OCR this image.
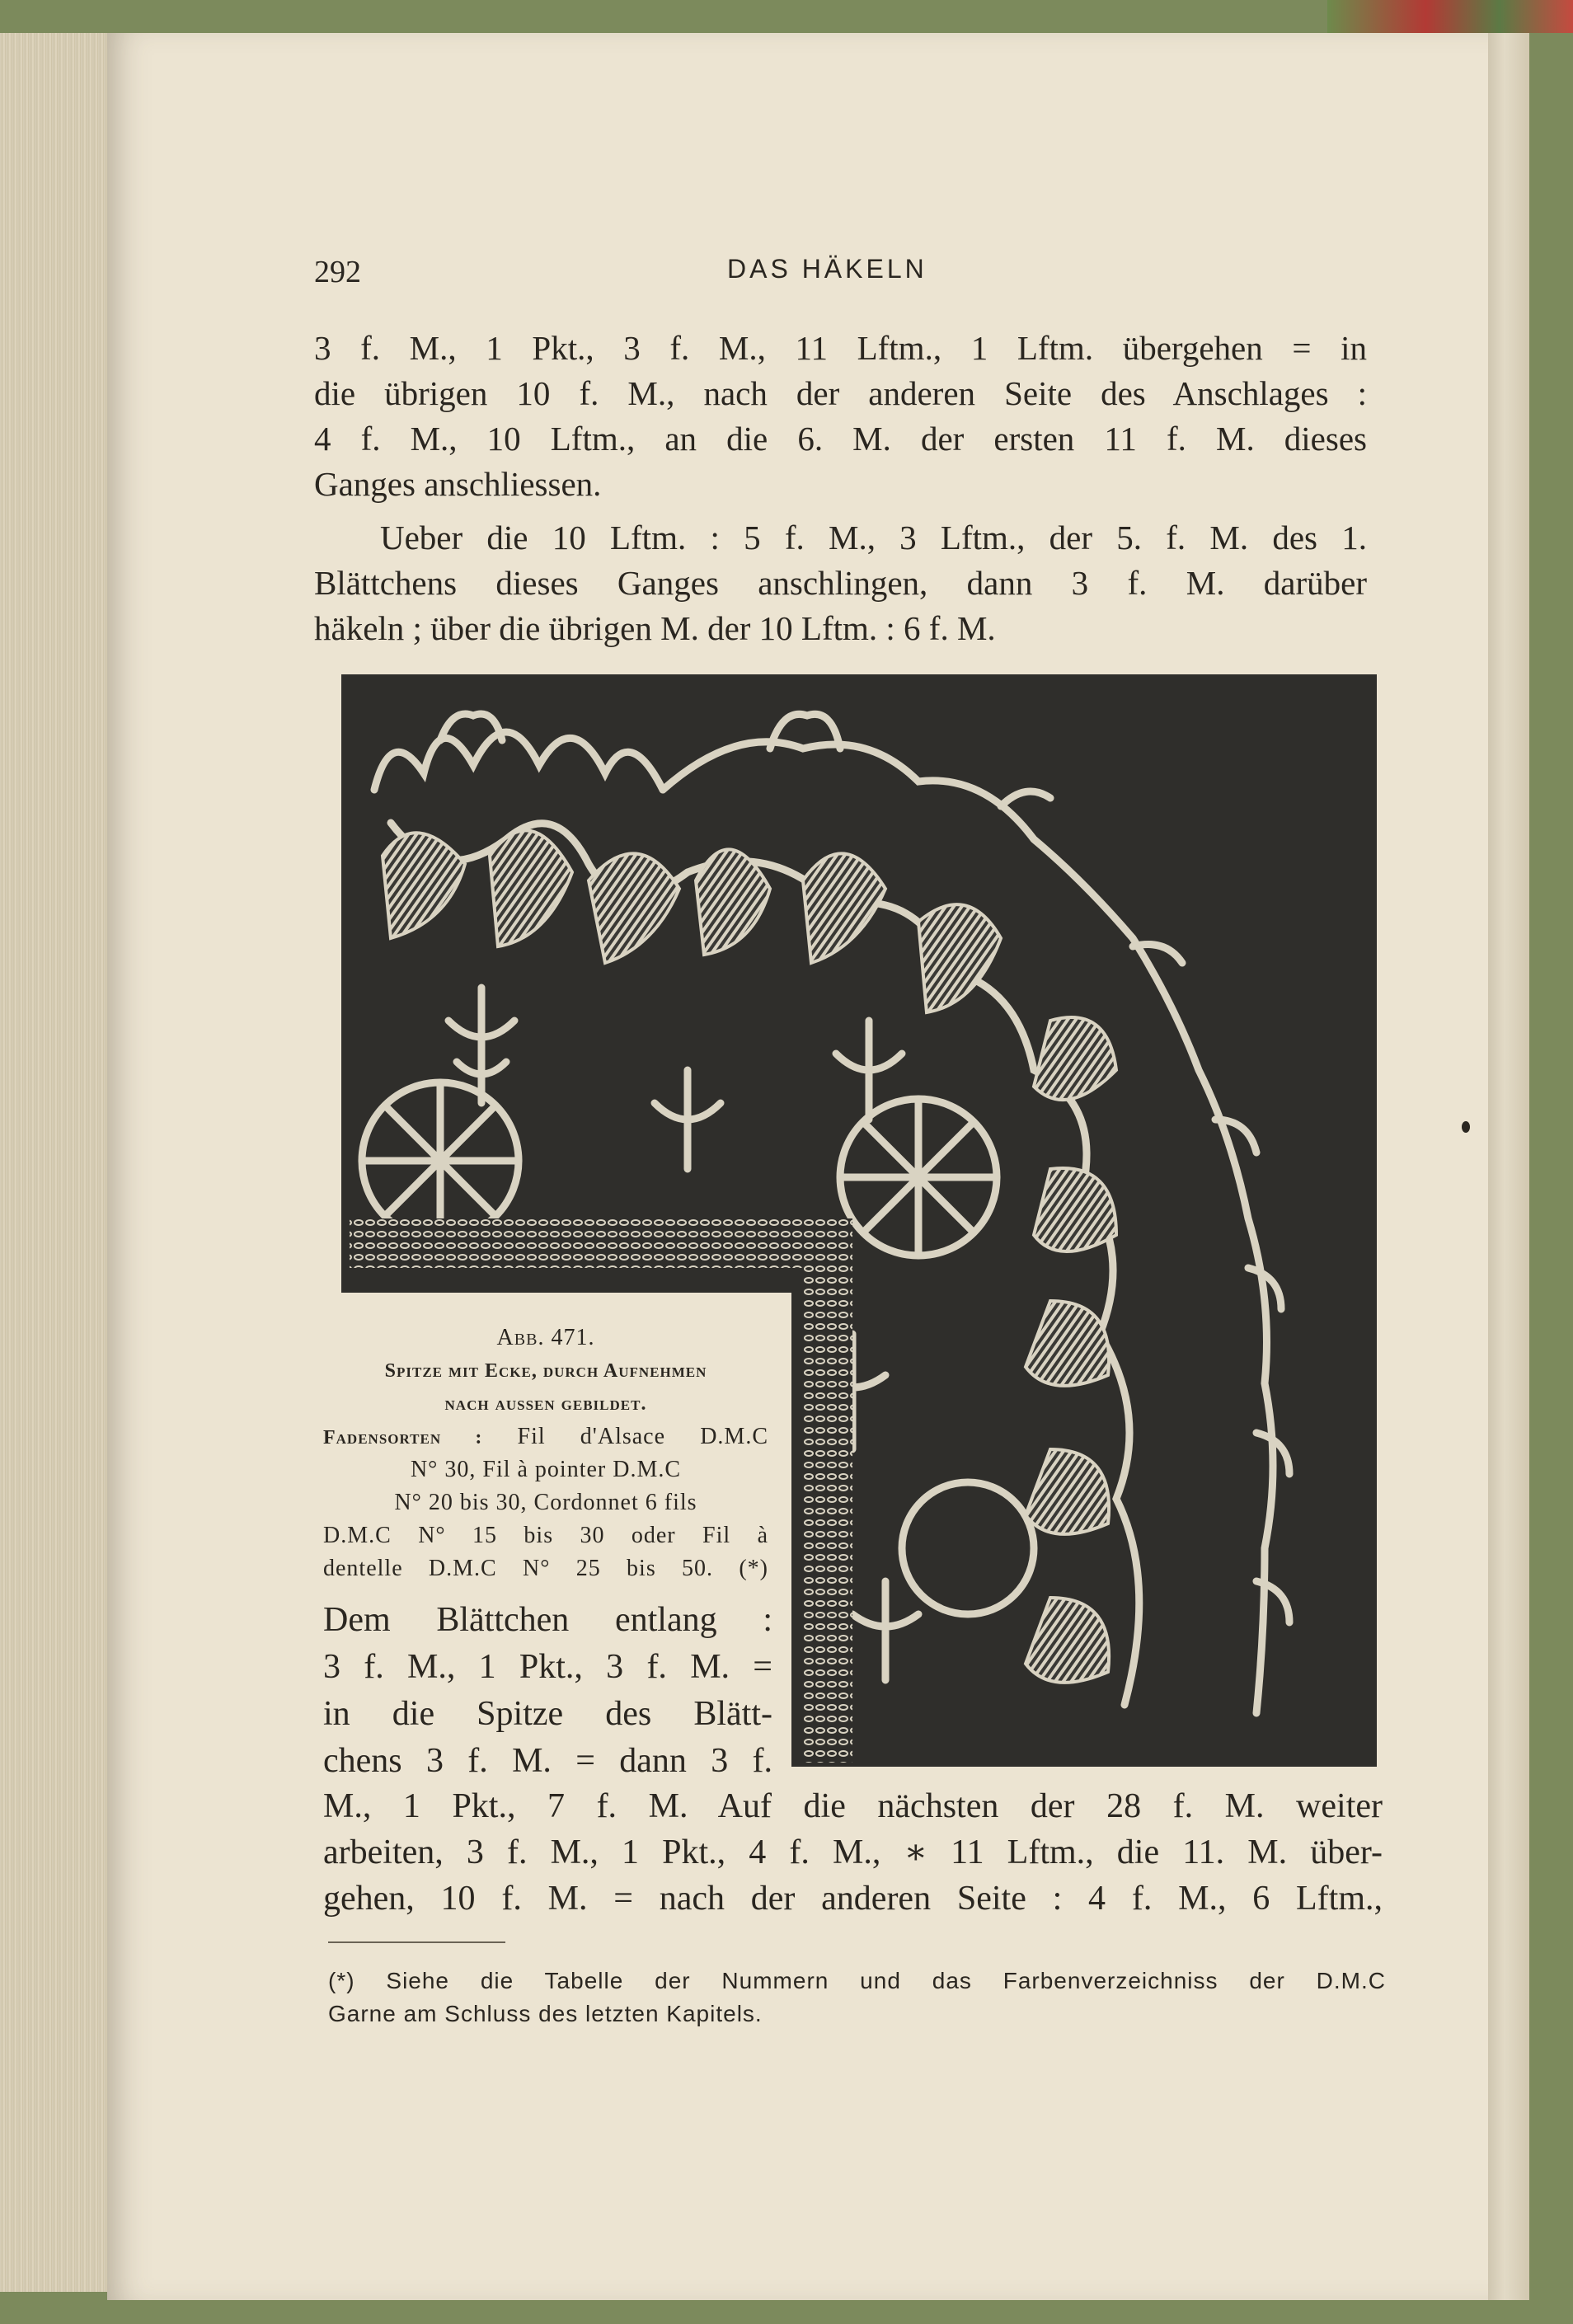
292	DAS HÄKELN
3 f. M., 1 Pkt., 3 f. M., 11 Lftm., 1 Lftm. übergehen = in
die übrigen 10 f. M., nach der anderen Seite des Anschlages :
4 f. M., 10 Lftm., an die 6. M. der ersten 11 f. M. dieses
Ganges anschliessen.
Ueber die 10 Lftm. : 5 f. M., 3 Lftm., der 5. f. M. des 1.
Blättchens dieses Ganges anschlingen, dann 3 f. M. darüber
häkeln ; über die übrigen M. der 10 Lftm. : 6 f. M.
Abb. 471.
Spitze mit Ecke, durch Aufnehmen
nach aussen gebildet.
Fadensorten : Fil d'Alsace D.M.C
N° 30, Fil à pointer D.M.C
N° 20 bis 30, Cordonnet 6 fils
D.M.C N° 15 bis 30 oder Fil à
dentelle D.M.C N° 25 bis 50. (*)
Dem Blättchen entlang :
3 f. M., 1 Pkt., 3 f. M. =
in die Spitze des Blätt-
chens 3 f. M. = dann 3 f.
M., 1 Pkt., 7 f. M. Auf die nächsten der 28 f. M. weiter
arbeiten, 3 f. M., 1 Pkt., 4 f. M., ∗ 11 Lftm., die 11. M. über-
gehen, 10 f. M. = nach der anderen Seite : 4 f. M., 6 Lftm.,
(*) Siehe die Tabelle der Nummern und das Farbenverzeichniss der D.M.C
Garne am Schluss des letzten Kapitels.
